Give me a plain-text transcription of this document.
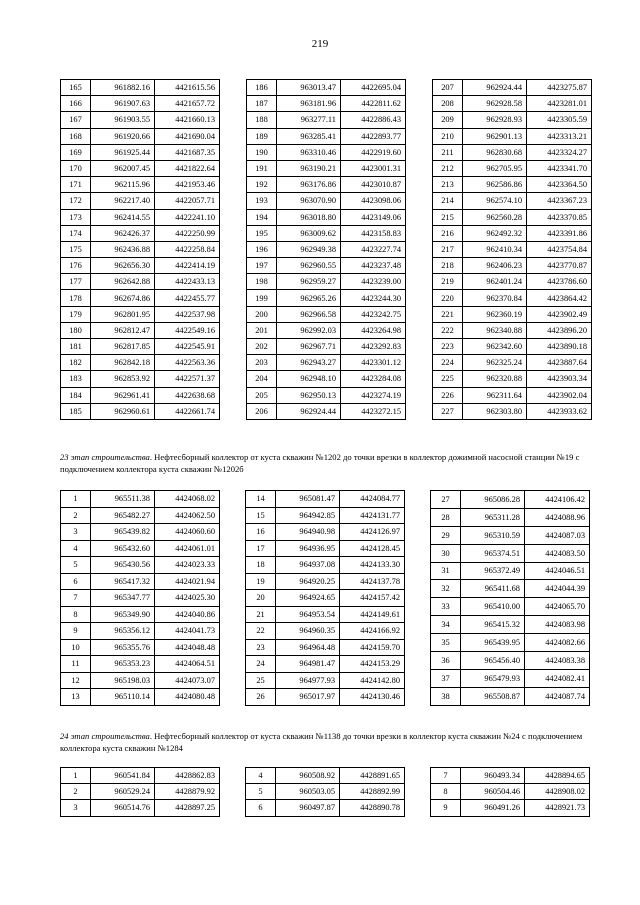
219
165	961882.16	4421615.56
166	961907.63	4421657.72
167	961903.55	4421660.13
168	961920.66	4421690.04
169	961925.44	4421687.35
170	962007.45	4421822.64
171	962115.96	4421953.46
172	962217.40	4422057.71
173	962414.55	4422241.10
174	962426.37	4422250.99
175	962436.88	4422258.84
176	962656.30	4422414.19
177	962642.88	4422433.13
178	962674.86	4422455.77
179	962801.95	4422537.98
180	962812.47	4422549.16
181	962817.85	4422545.91
182	962842.18	4422563.36
183	962853.92	4422571.37
184	962961.41	4422638.68
185	962960.61	4422661.74
186	963013.47	4422695.04
187	963181.96	4422811.62
188	963277.11	4422886.43
189	963285.41	4422893.77
190	963310.46	4422919.60
191	963190.21	4423001.31
192	963176.86	4423010.87
193	963070.90	4423098.06
194	963018.80	4423149.06
195	963009.62	4423158.83
196	962949.38	4423227.74
197	962960.55	4423237.48
198	962959.27	4423239.00
199	962965.26	4423244.30
200	962966.58	4423242.75
201	962992.03	4423264.98
202	962967.71	4423292.83
203	962943.27	4423301.12
204	962948.10	4423284.08
205	962950.13	4423274.19
206	962924.44	4423272.15
207	962924.44	4423275.87
208	962928.58	4423281.01
209	962928.93	4423305.59
210	962901.13	4423313.21
211	962830.68	4423324.27
212	962705.95	4423341.70
213	962586.86	4423364.50
214	962574.10	4423367.23
215	962560.28	4423370.85
216	962492.32	4423391.86
217	962410.34	4423754.84
218	962406.23	4423770.87
219	962401.24	4423786.60
220	962370.84	4423864.42
221	962360.19	4423902.49
222	962340.88	4423896.20
223	962342.60	4423890.18
224	962325.24	4423887.64
225	962320.88	4423903.34
226	962311.64	4423902.04
227	962303.80	4423933.62
23 этап строительства. Нефтесборный коллектор от куста скважин №1202 до точки врезки в коллектор дожимной насосной станции №19 с подключением коллектора куста скважин №1202б
1	965511.38	4424068.02
2	965482.27	4424062.50
3	965439.82	4424060.60
4	965432.60	4424061.01
5	965430.56	4424023.33
6	965417.32	4424021.94
7	965347.77	4424025.30
8	965349.90	4424040.86
9	965356.12	4424041.73
10	965355.76	4424048.48
11	965353.23	4424064.51
12	965198.03	4424073.07
13	965110.14	4424080.48
14	965081.47	4424084.77
15	964942.85	4424131.77
16	964940.98	4424126.97
17	964936.95	4424128.45
18	964937.08	4424133.30
19	964920.25	4424137.78
20	964924.65	4424157.42
21	964953.54	4424149.61
22	964960.35	4424166.92
23	964964.48	4424159.70
24	964981.47	4424153.29
25	964977.93	4424142.80
26	965017.97	4424130.46
27	965086.28	4424106.42
28	965311.28	4424088.96
29	965310.59	4424087.03
30	965374.51	4424083.50
31	965372.49	4424046.51
32	965411.68	4424044.39
33	965410.00	4424065.70
34	965415.32	4424083.98
35	965439.95	4424082.66
36	965456.40	4424083.38
37	965479.93	4424082.41
38	965508.87	4424087.74
24 этап строительства. Нефтесборный коллектор от куста скважин №1138 до точки врезки в коллектор куста скважин №24 с подключением коллектора куста скважин №1284
1	960541.84	4428862.83
2	960529.24	4428879.92
3	960514.76	4428897.25
4	960508.92	4428891.65
5	960503.05	4428892.99
6	960497.87	4428890.78
7	960493.34	4428894.65
8	960504.46	4428908.02
9	960491.26	4428921.73
